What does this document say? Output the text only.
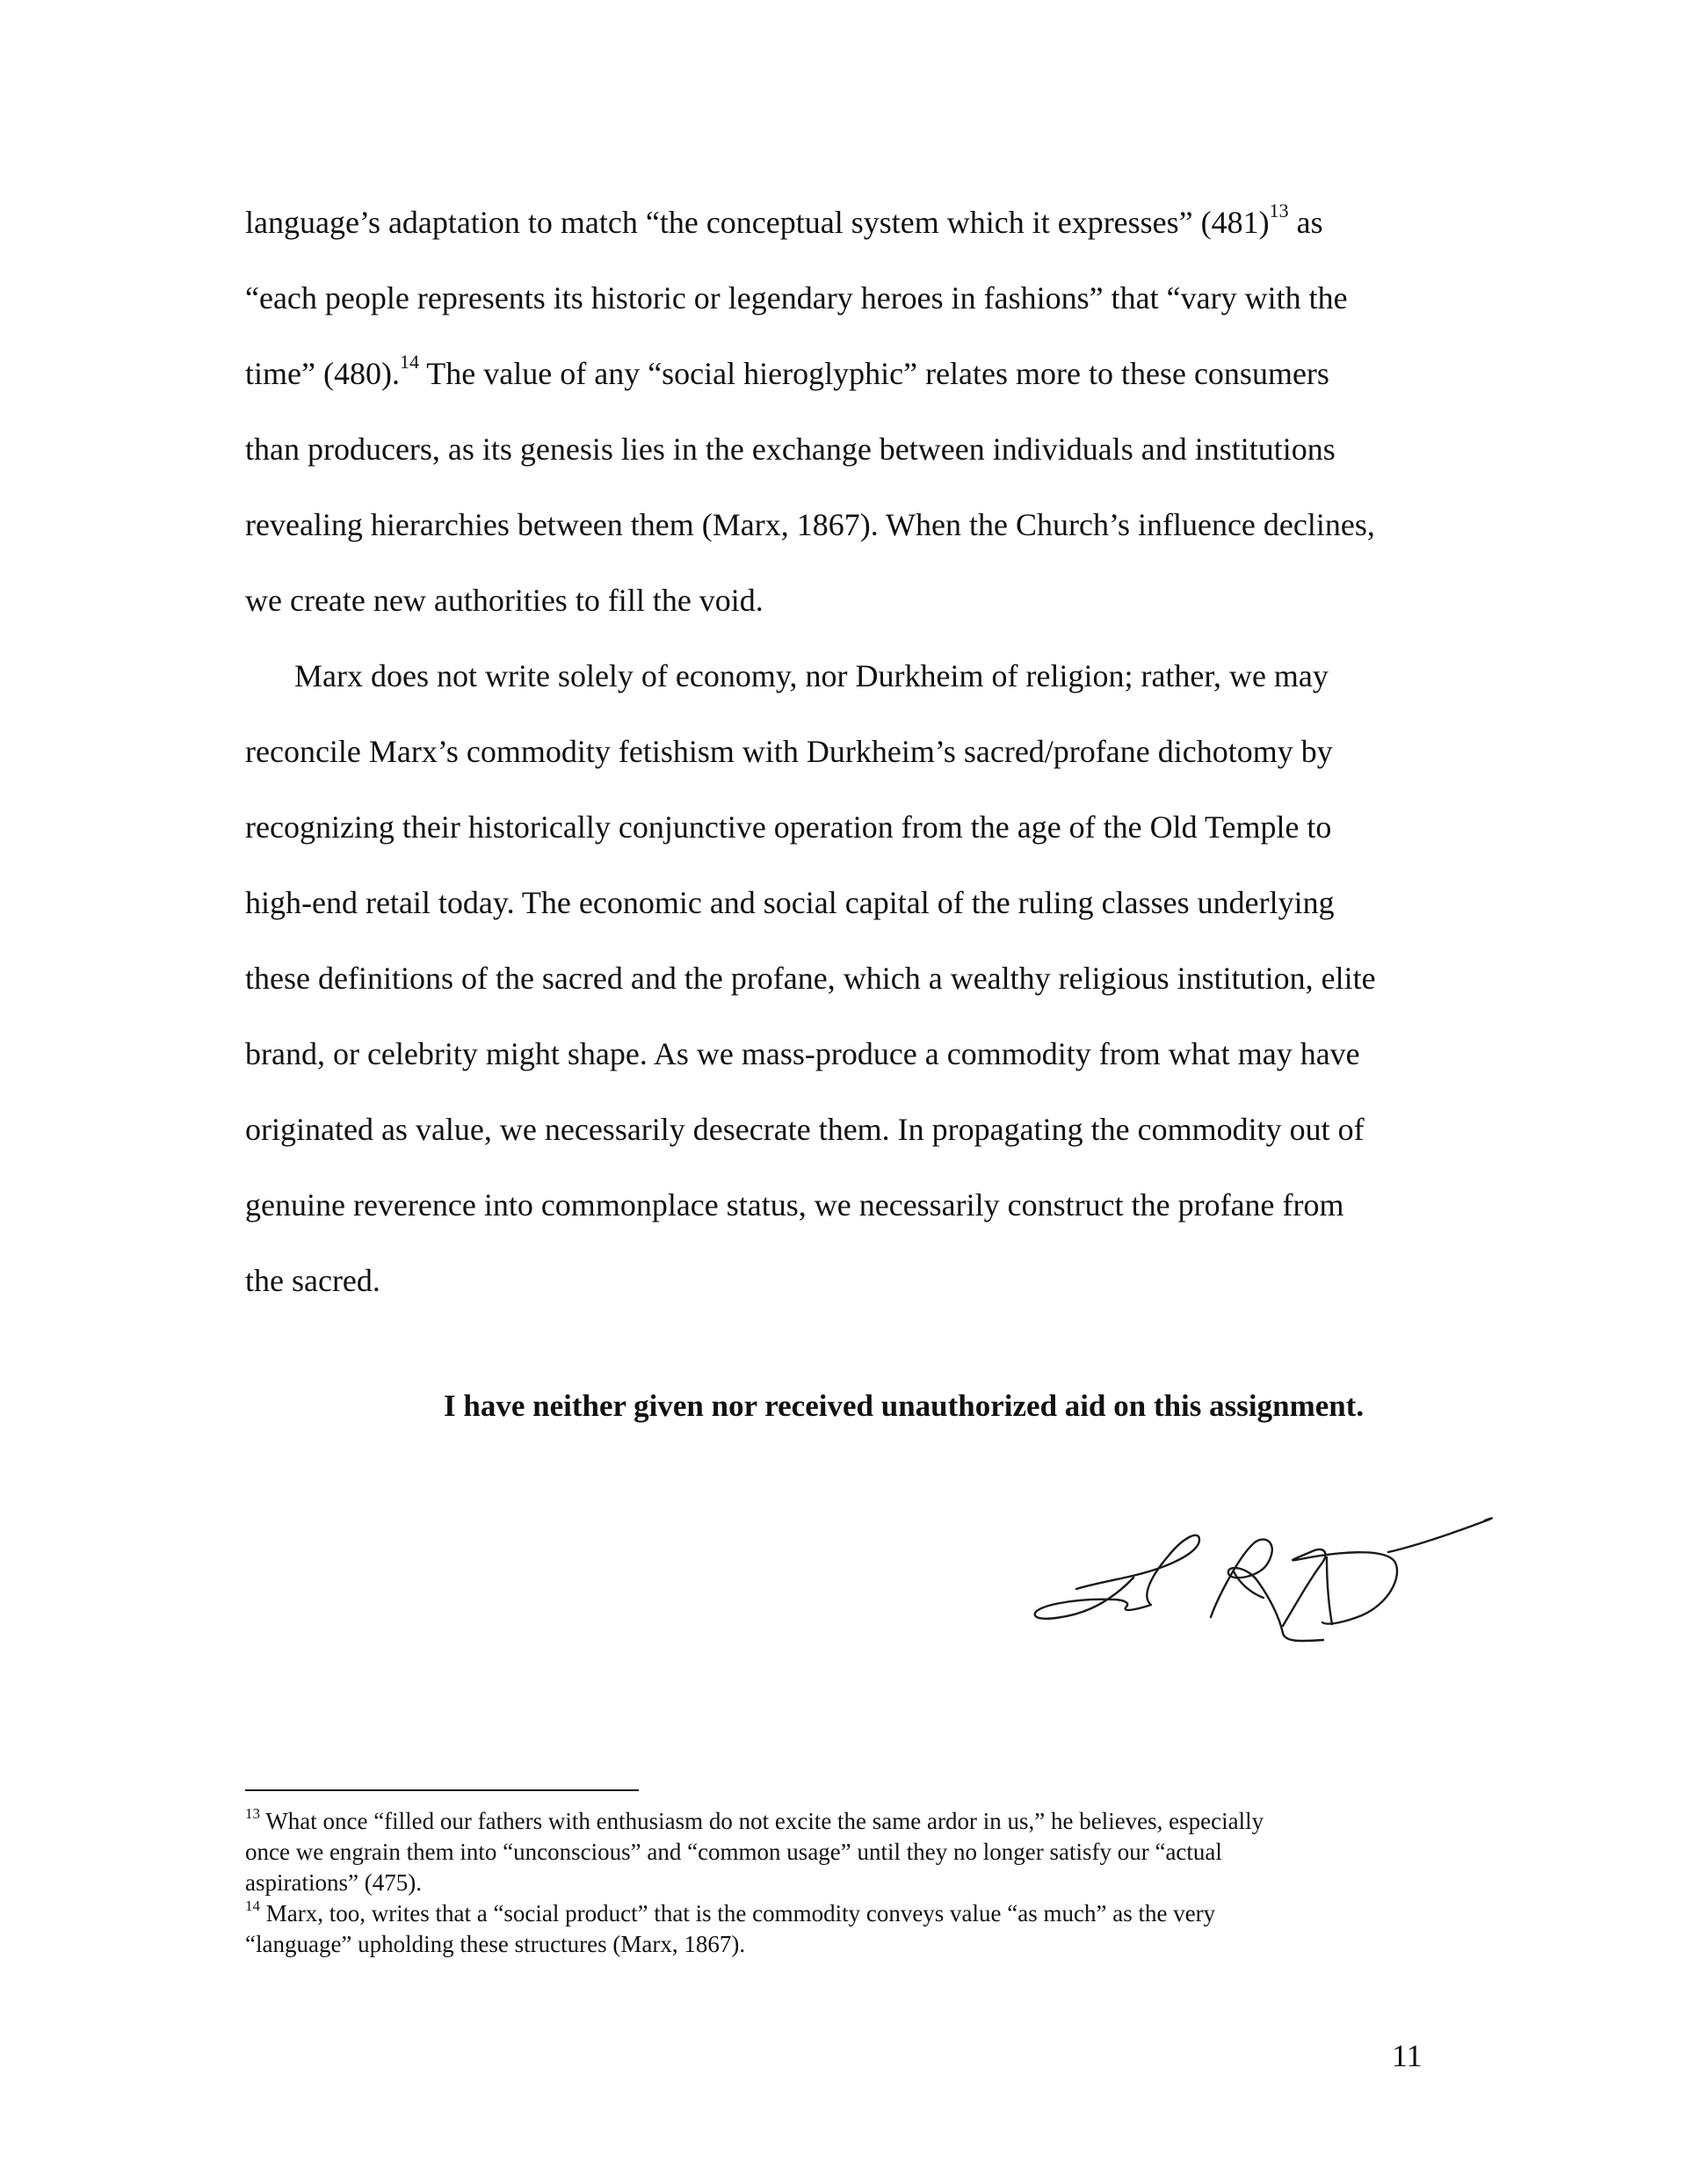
language’s adaptation to match “the conceptual system which it expresses” $(481)^{13}$ as
“each people represents its historic or legendary heroes in fashions” that “vary with the
time” (480).$^{14}$ The value of any “social hieroglyphic” relates more to these consumers
than producers, as its genesis lies in the exchange between individuals and institutions
revealing hierarchies between them (Marx, 1867). When the Church’s influence declines,
we create new authorities to fill the void.
Marx does not write solely of economy, nor Durkheim of religion; rather, we may
reconcile Marx’s commodity fetishism with Durkheim’s sacred/profane dichotomy by
recognizing their historically conjunctive operation from the age of the Old Temple to
high-end retail today. The economic and social capital of the ruling classes underlying
these definitions of the sacred and the profane, which a wealthy religious institution, elite
brand, or celebrity might shape. As we mass-produce a commodity from what may have
originated as value, we necessarily desecrate them. In propagating the commodity out of
genuine reverence into commonplace status, we necessarily construct the profane from
the sacred.
I have neither given nor received unauthorized aid on this assignment.
$^{13}$ What once “filled our fathers with enthusiasm do not excite the same ardor in us,” he believes, especially
once we engrain them into “unconscious” and “common usage” until they no longer satisfy our “actual
aspirations” (475).
$^{14}$ Marx, too, writes that a “social product” that is the commodity conveys value “as much” as the very
“language” upholding these structures (Marx, 1867).
11
